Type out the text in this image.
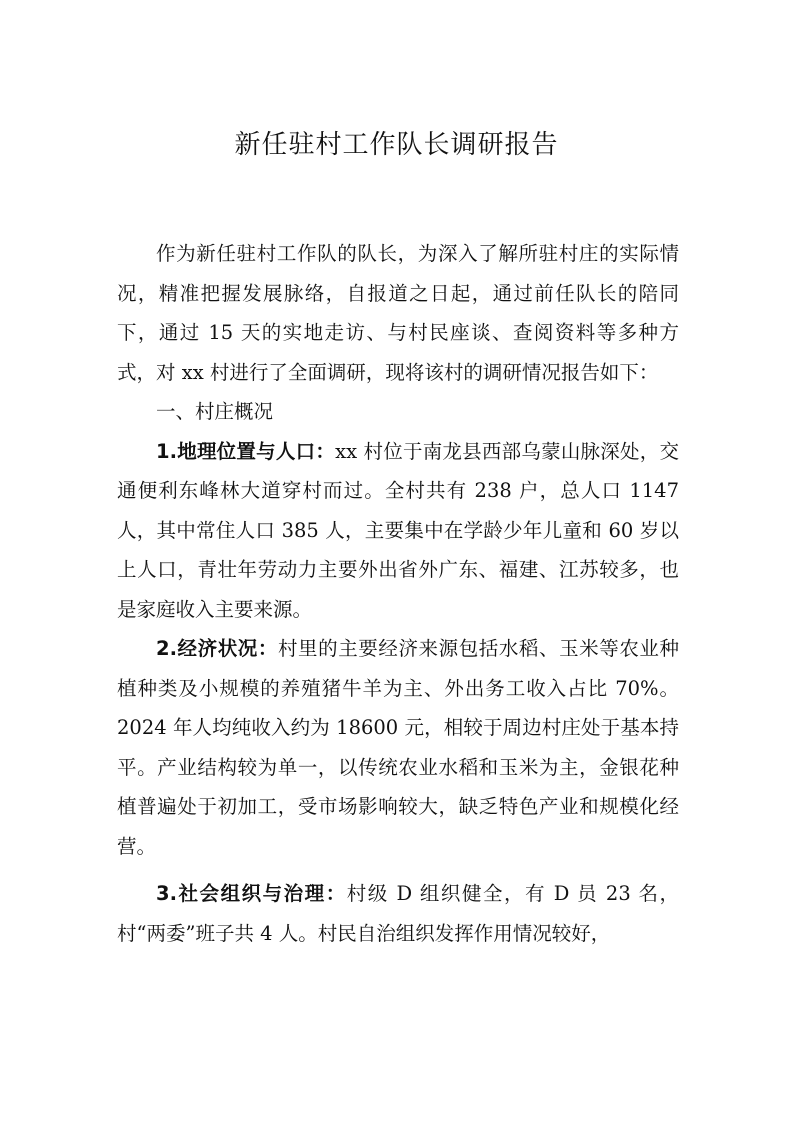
新任驻村工作队长调研报告

作为新任驻村工作队的队长，为深入了解所驻村庄的实际情况，精准把握发展脉络，自报道之日起，通过前任队长的陪同下，通过 15 天的实地走访、与村民座谈、查阅资料等多种方式，对 xx 村进行了全面调研，现将该村的调研情况报告如下：

一、村庄概况

1.地理位置与人口：xx 村位于南龙县西部乌蒙山脉深处，交通便利东峰林大道穿村而过。全村共有 238 户，总人口 1147 人，其中常住人口 385 人，主要集中在学龄少年儿童和 60 岁以上人口，青壮年劳动力主要外出省外广东、福建、江苏较多，也是家庭收入主要来源。

2.经济状况：村里的主要经济来源包括水稻、玉米等农业种植种类及小规模的养殖猪牛羊为主、外出务工收入占比 70%。2024 年人均纯收入约为 18600 元，相较于周边村庄处于基本持平。产业结构较为单一，以传统农业水稻和玉米为主，金银花种植普遍处于初加工，受市场影响较大，缺乏特色产业和规模化经营。

3.社会组织与治理：村级 D 组织健全，有 D 员 23 名，村“两委”班子共 4 人。村民自治组织发挥作用情况较好，
